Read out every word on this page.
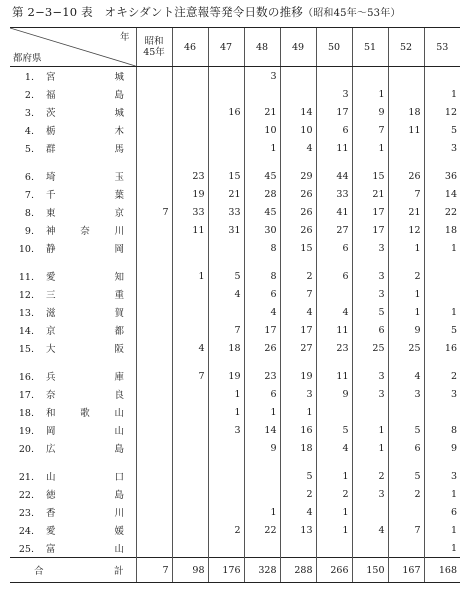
第 2−3−10 表　オキシダント注意報等発令日数の推移（昭和45年〜53年）
年
都府県	昭和45年	46	47	48	49	50	51	52	53
1. 宮　城				3					
2. 福　島						3	1		1
3. 茨　城			16	21	14	17	9	18	12
4. 栃　木				10	10	6	7	11	5
5. 群　馬				1	4	11	1		3

6. 埼　玉		23	15	45	29	44	15	26	36
7. 千　葉		19	21	28	26	33	21	7	14
8. 東　京	7	33	33	45	26	41	17	21	22
9. 神奈川		11	31	30	26	27	17	12	18
10. 静　岡				8	15	6	3	1	1

11. 愛　知		1	5	8	2	6	3	2	
12. 三　重			4	6	7		3	1	
13. 滋　賀				4	4	4	5	1	1
14. 京　都			7	17	17	11	6	9	5
15. 大　阪		4	18	26	27	23	25	25	16

16. 兵　庫		7	19	23	19	11	3	4	2
17. 奈　良			1	6	3	9	3	3	3
18. 和歌山			1	1	1				
19. 岡　山			3	14	16	5	1	5	8
20. 広　島				9	18	4	1	6	9

21. 山　口					5	1	2	5	3
22. 徳　島					2	2	3	2	1
23. 香　川				1	4	1			6
24. 愛　媛			2	22	13	1	4	7	1
25. 富　山									1
合 計	7	98	176	328	288	266	150	167	168
